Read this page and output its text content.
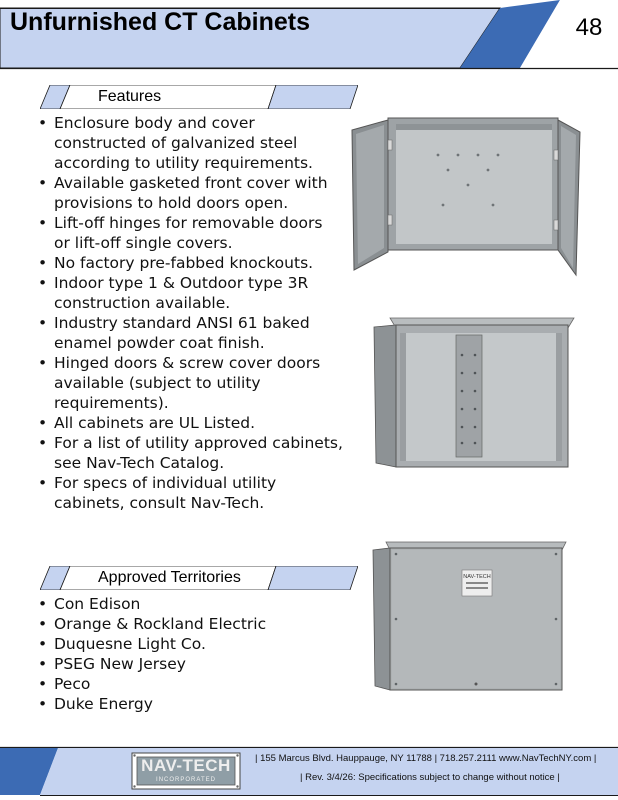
Unfurnished CT Cabinets	48
Features
• Enclosure body and cover constructed of galvanized steel according to utility requirements.
• Available gasketed front cover with provisions to hold doors open.
• Lift-off hinges for removable doors or lift-off single covers.
• No factory pre-fabbed knockouts.
• Indoor type 1 & Outdoor type 3R construction available.
• Industry standard ANSI 61 baked enamel powder coat finish.
• Hinged doors & screw cover doors available (subject to utility requirements).
• All cabinets are UL Listed.
• For a list of utility approved cabinets, see Nav-Tech Catalog.
• For specs of individual utility cabinets, consult Nav-Tech.
Approved Territories
• Con Edison
• Orange & Rockland Electric
• Duquesne Light Co.
• PSEG New Jersey
• Peco
• Duke Energy
NAV-TECH
NAV-TECH
INCORPORATED
| 155 Marcus Blvd. Hauppauge, NY 11788 | 718.257.2111 www.NavTechNY.com |
| Rev. 3/4/26: Specifications subject to change without notice |
